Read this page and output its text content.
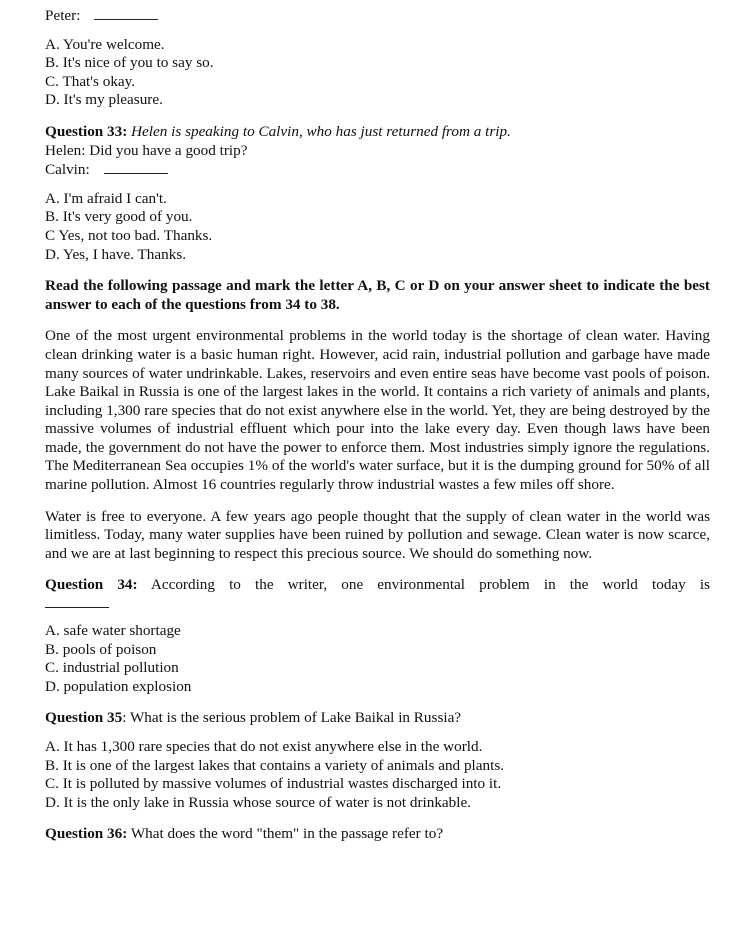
Peter:
A. You're welcome.
B. It's nice of you to say so.
C. That's okay.
D. It's my pleasure.
Question 33: Helen is speaking to Calvin, who has just returned from a trip.
Helen: Did you have a good trip?
Calvin:
A. I'm afraid I can't.
B. It's very good of you.
C Yes, not too bad. Thanks.
D. Yes, I have. Thanks.

Read the following passage and mark the letter A, B, C or D on your answer sheet to indicate the best answer to each of the questions from 34 to 38.

One of the most urgent environmental problems in the world today is the shortage of clean water. Having clean drinking water is a basic human right. However, acid rain, industrial pollution and garbage have made many sources of water undrinkable. Lakes, reservoirs and even entire seas have become vast pools of poison. Lake Baikal in Russia is one of the largest lakes in the world. It contains a rich variety of animals and plants, including 1,300 rare species that do not exist anywhere else in the world. Yet, they are being destroyed by the massive volumes of industrial effluent which pour into the lake every day. Even though laws have been made, the government do not have the power to enforce them. Most industries simply ignore the regulations. The Mediterranean Sea occupies 1% of the world's water surface, but it is the dumping ground for 50% of all marine pollution. Almost 16 countries regularly throw industrial wastes a few miles off shore.

Water is free to everyone. A few years ago people thought that the supply of clean water in the world was limitless. Today, many water supplies have been ruined by pollution and sewage. Clean water is now scarce, and we are at last beginning to respect this precious source. We should do something now.

Question 34: According to the writer, one environmental problem in the world today is

A. safe water shortage
B. pools of poison
C. industrial pollution
D. population explosion
Question 35: What is the serious problem of Lake Baikal in Russia?
A. It has 1,300 rare species that do not exist anywhere else in the world.
B. It is one of the largest lakes that contains a variety of animals and plants.
C. It is polluted by massive volumes of industrial wastes discharged into it.
D. It is the only lake in Russia whose source of water is not drinkable.
Question 36: What does the word "them" in the passage refer to?
